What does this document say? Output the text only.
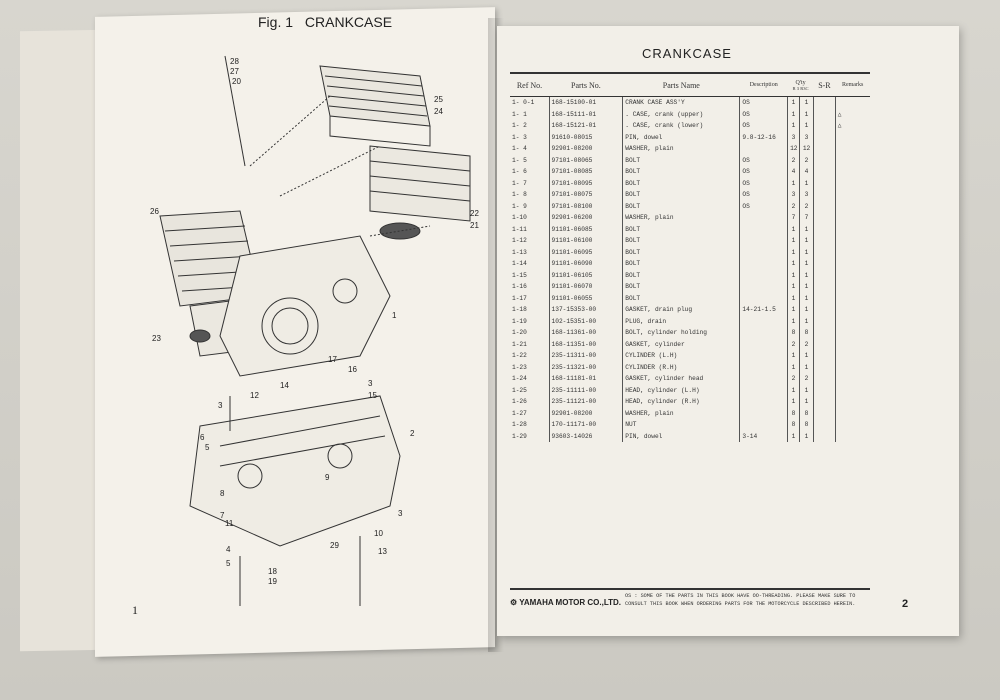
Fig. 1 CRANKCASE
28
27
20
25
24
22
21
26
23
1
17
16
3
15
14
12
3
2
6
5
8
9
7
11
3
4
10
5
18
19
29
13
1
CRANKCASE
Ref No.	Parts No.	Parts Name	Description	Q'ty
R 3 R3C		S-R	Remarks
1- 0-1	168-15100-01	CRANK CASE ASS'Y	OS	1	1		
1- 1	168-15111-01	. CASE, crank (upper)	OS	1	1		△
1- 2	168-15121-01	. CASE, crank (lower)	OS	1	1		△
1- 3	91610-08015	PIN, dowel	9.8-12-16	3	3		
1- 4	92901-08200	WASHER, plain		12	12		
1- 5	97101-08065	BOLT	OS	2	2		
1- 6	97101-08085	BOLT	OS	4	4		
1- 7	97101-08095	BOLT	OS	1	1		
1- 8	97101-08075	BOLT	OS	3	3		
1- 9	97101-08100	BOLT	OS	2	2		
1-10	92901-06200	WASHER, plain		7	7		
1-11	91101-06085	BOLT		1	1		
1-12	91101-06100	BOLT		1	1		
1-13	91101-06095	BOLT		1	1		
1-14	91101-06090	BOLT		1	1		
1-15	91101-06105	BOLT		1	1		
1-16	91101-06070	BOLT		1	1		
1-17	91101-06055	BOLT		1	1		
1-18	137-15353-00	GASKET, drain plug	14-21-1.5	1	1		
1-19	102-15351-00	PLUG, drain		1	1		
1-20	168-11361-00	BOLT, cylinder holding		8	8		
1-21	168-11351-00	GASKET, cylinder		2	2		
1-22	235-11311-00	CYLINDER (L.H)		1	1		
1-23	235-11321-00	CYLINDER (R.H)		1	1		
1-24	168-11181-01	GASKET, cylinder head		2	2		
1-25	235-11111-00	HEAD, cylinder (L.H)		1	1		
1-26	235-11121-00	HEAD, cylinder (R.H)		1	1		
1-27	92901-08200	WASHER, plain		8	8		
1-28	170-11171-00	NUT		8	8		
1-29	93603-14026	PIN, dowel	3-14	1	1		
⚙ YAMAHA MOTOR CO.,LTD.
OS : SOME OF THE PARTS IN THIS BOOK HAVE OO-THREADING. PLEASE MAKE SURE TO CONSULT THIS BOOK WHEN ORDERING PARTS FOR THE MOTORCYCLE DESCRIBED HEREIN.	2
